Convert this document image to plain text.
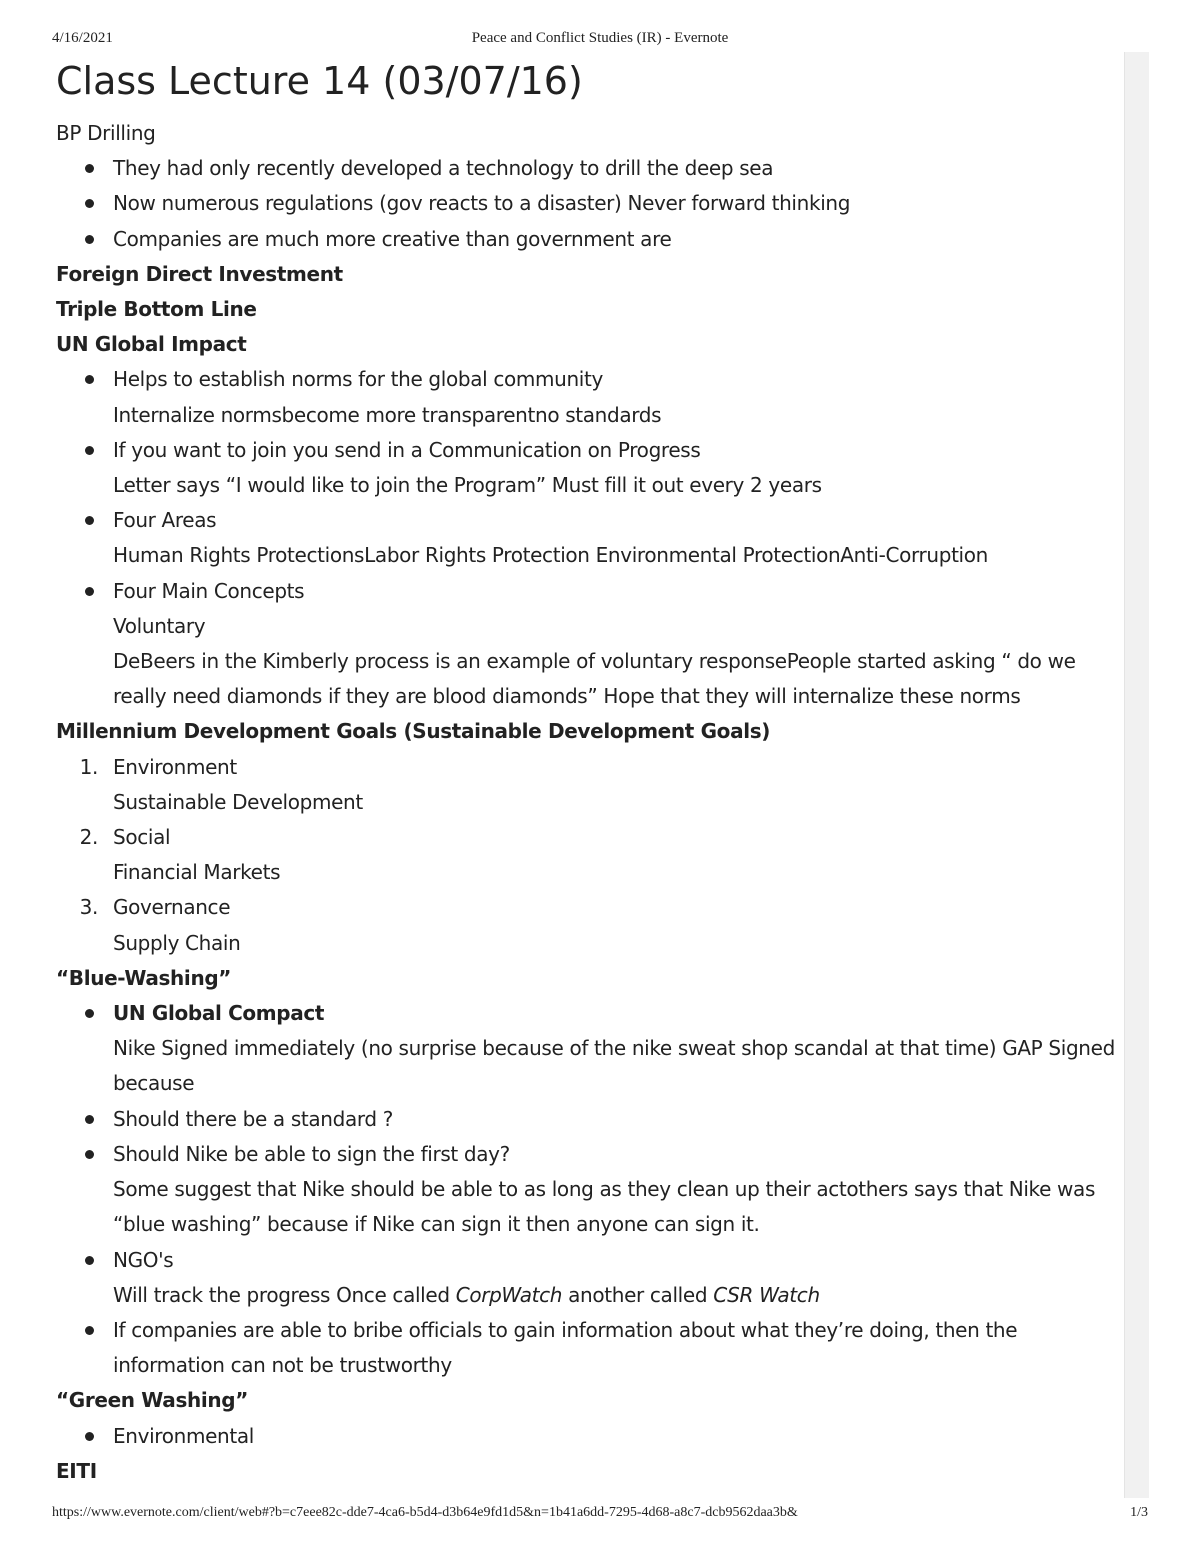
4/16/2021	Peace and Conflict Studies (IR) - Evernote
Class Lecture 14 (03/07/16)
BP Drilling
They had only recently developed a technology to drill the deep sea
Now numerous regulations (gov reacts to a disaster) Never forward thinking
Companies are much more creative than government are
Foreign Direct Investment
Triple Bottom Line
UN Global Impact
Helps to establish norms for the global community
Internalize normsbecome more transparentno standards
If you want to join you send in a Communication on Progress
Letter says “I would like to join the Program” Must fill it out every 2 years
Four Areas
Human Rights ProtectionsLabor Rights Protection Environmental ProtectionAnti-Corruption
Four Main Concepts
Voluntary
DeBeers in the Kimberly process is an example of voluntary responsePeople started asking “ do we
really need diamonds if they are blood diamonds” Hope that they will internalize these norms
Millennium Development Goals (Sustainable Development Goals)
1. Environment
Sustainable Development
2. Social
Financial Markets
3. Governance
Supply Chain
“Blue-Washing”
UN Global Compact
Nike Signed immediately (no surprise because of the nike sweat shop scandal at that time) GAP Signed
because
Should there be a standard ?
Should Nike be able to sign the first day?
Some suggest that Nike should be able to as long as they clean up their actothers says that Nike was
“blue washing” because if Nike can sign it then anyone can sign it.
NGO's
Will track the progress Once called CorpWatch another called CSR Watch
If companies are able to bribe officials to gain information about what they’re doing, then the
information can not be trustworthy
“Green Washing”
Environmental
EITI
https://www.evernote.com/client/web#?b=c7eee82c-dde7-4ca6-b5d4-d3b64e9fd1d5&n=1b41a6dd-7295-4d68-a8c7-dcb9562daa3b&	1/3
